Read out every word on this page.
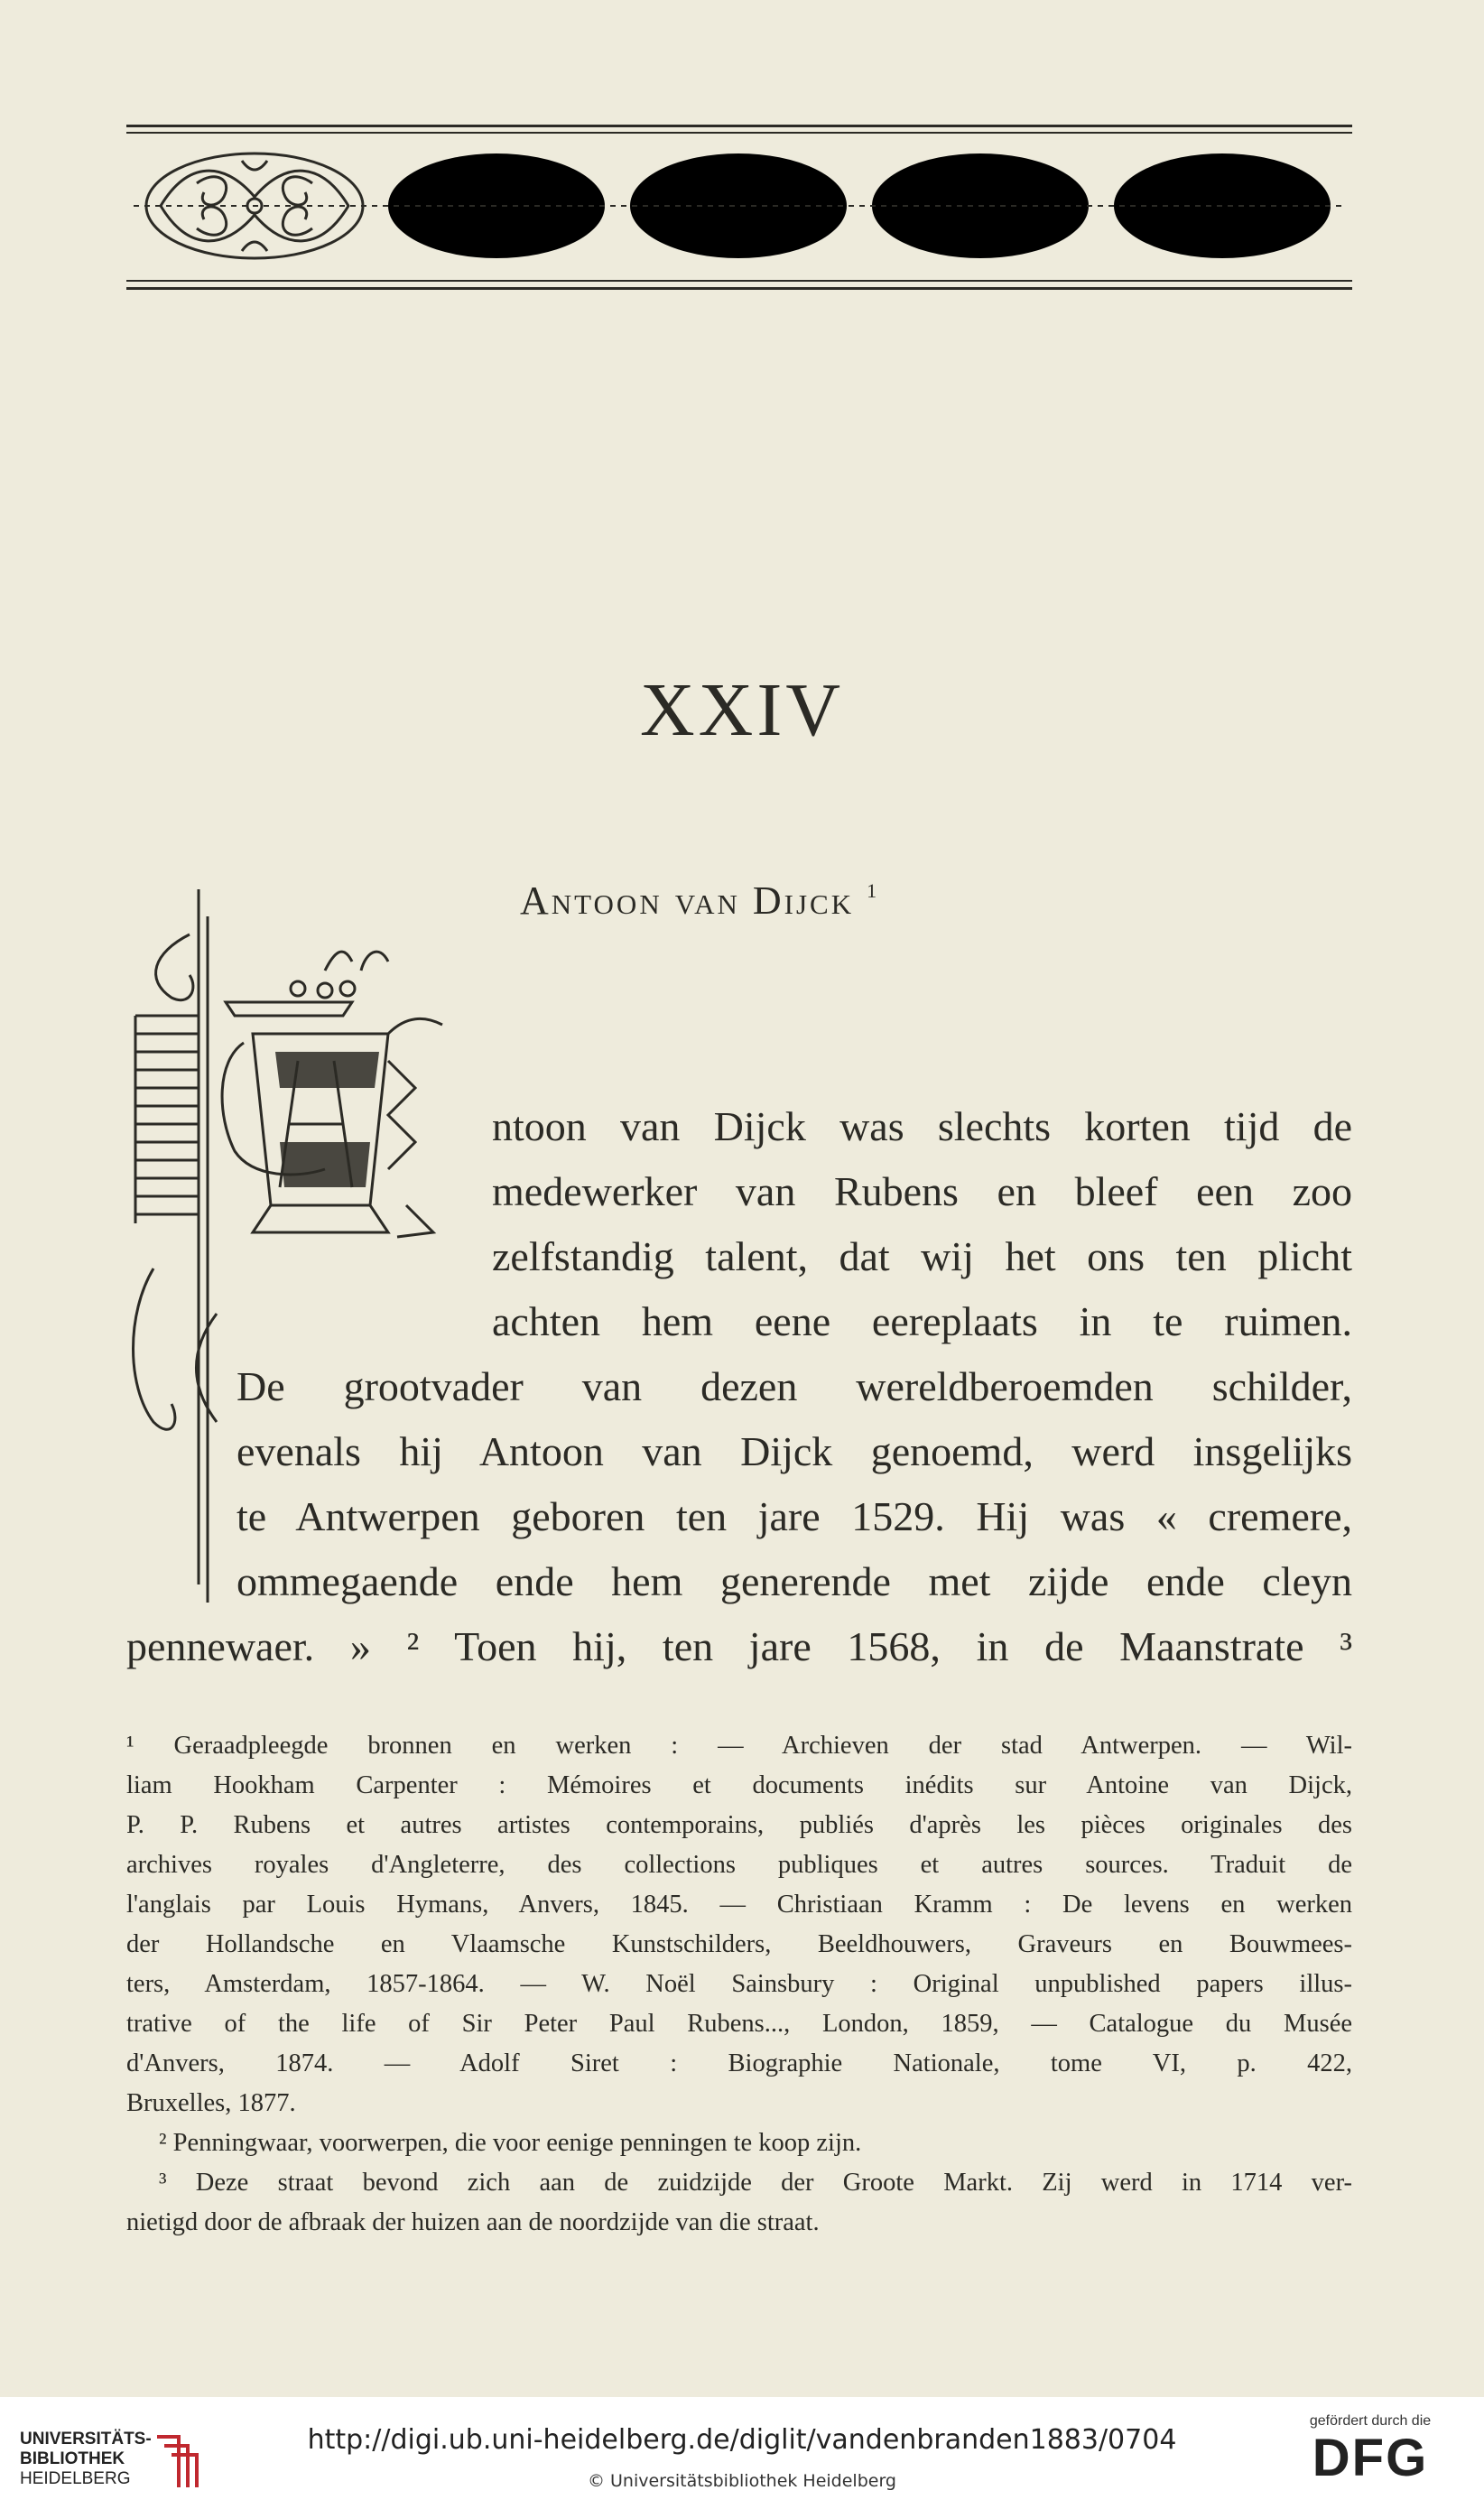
XXIV
Antoon van Dijck $^1$
ntoon van Dijck was slechts korten tijd de
medewerker van Rubens en bleef een zoo
zelfstandig talent, dat wij het ons ten plicht
achten hem eene eereplaats in te ruimen.
De grootvader van dezen wereldberoemden schilder,
evenals hij Antoon van Dijck genoemd, werd insgelijks
te Antwerpen geboren ten jare 1529. Hij was « cremere,
ommegaende ende hem generende met zijde ende cleyn
pennewaer. » ² Toen hij, ten jare 1568, in de Maanstrate ³
¹ Geraadpleegde bronnen en werken : — Archieven der stad Antwerpen. — Wil-
liam Hookham Carpenter : Mémoires et documents inédits sur Antoine van Dijck,
P. P. Rubens et autres artistes contemporains, publiés d'après les pièces originales des
archives royales d'Angleterre, des collections publiques et autres sources. Traduit de
l'anglais par Louis Hymans, Anvers, 1845. — Christiaan Kramm : De levens en werken
der Hollandsche en Vlaamsche Kunstschilders, Beeldhouwers, Graveurs en Bouwmees-
ters, Amsterdam, 1857-1864. — W. Noël Sainsbury : Original unpublished papers illus-
trative of the life of Sir Peter Paul Rubens..., London, 1859, — Catalogue du Musée
d'Anvers, 1874. — Adolf Siret : Biographie Nationale, tome VI, p. 422,
Bruxelles, 1877.
² Penningwaar, voorwerpen, die voor eenige penningen te koop zijn.
³ Deze straat bevond zich aan de zuidzijde der Groote Markt. Zij werd in 1714 ver-
nietigd door de afbraak der huizen aan de noordzijde van die straat.
UNIVERSITÄTS-
BIBLIOTHEK
HEIDELBERG
http://digi.ub.uni-heidelberg.de/diglit/vandenbranden1883/0704
© Universitätsbibliothek Heidelberg
gefördert durch die
DFG
